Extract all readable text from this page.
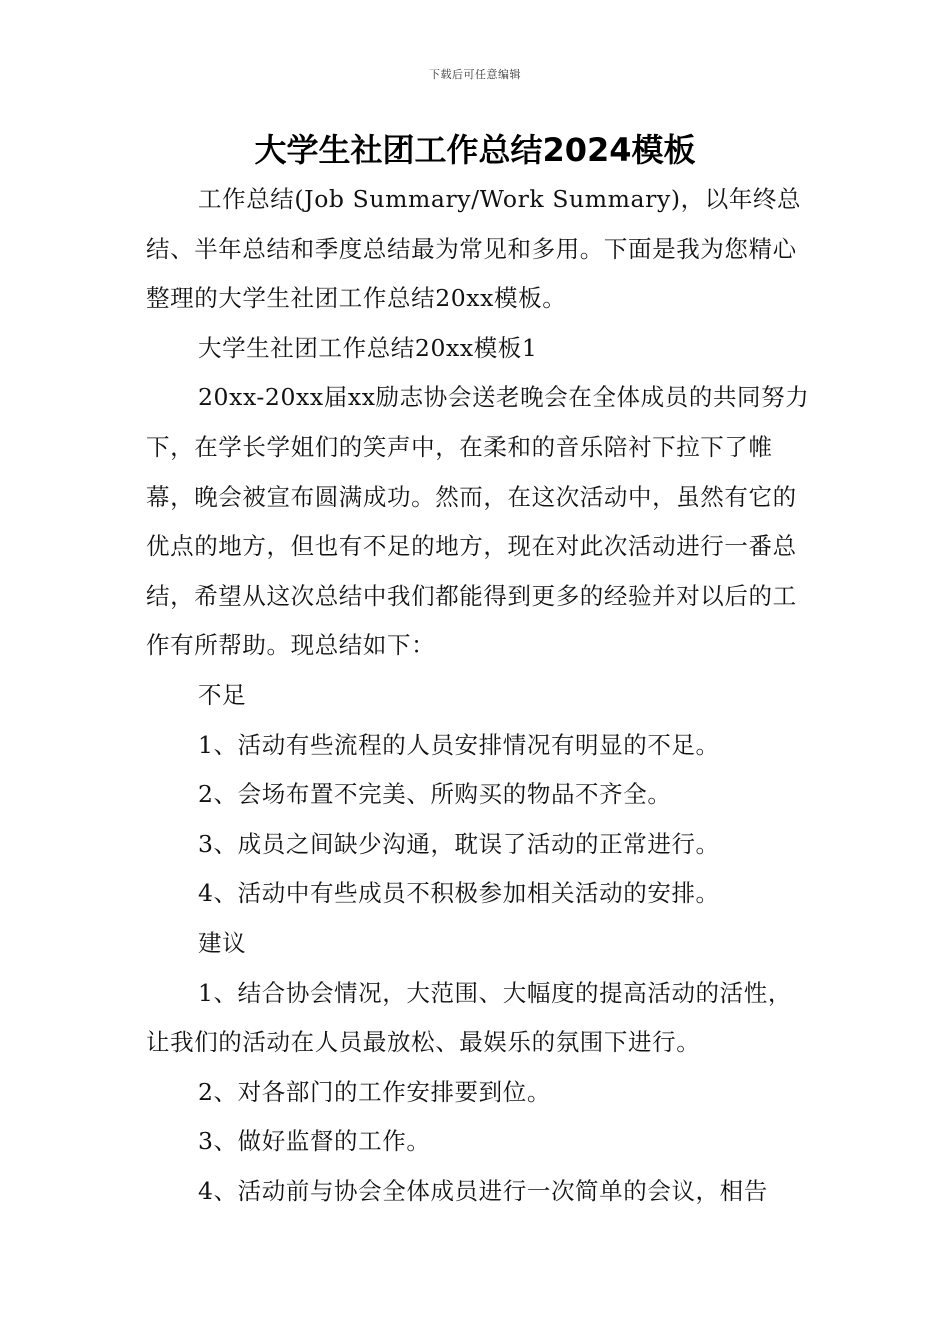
下载后可任意编辑
大学生社团工作总结2024模板

工作总结(Job Summary/Work Summary)，以年终总结、半年总结和季度总结最为常见和多用。下面是我为您精心整理的大学生社团工作总结20xx模板。

大学生社团工作总结20xx模板1

20xx-20xx届xx励志协会送老晚会在全体成员的共同努力下，在学长学姐们的笑声中，在柔和的音乐陪衬下拉下了帷幕，晚会被宣布圆满成功。然而，在这次活动中，虽然有它的优点的地方，但也有不足的地方，现在对此次活动进行一番总结，希望从这次总结中我们都能得到更多的经验并对以后的工作有所帮助。现总结如下：

不足

1、活动有些流程的人员安排情况有明显的不足。

2、会场布置不完美、所购买的物品不齐全。

3、成员之间缺少沟通，耽误了活动的正常进行。

4、活动中有些成员不积极参加相关活动的安排。

建议

1、结合协会情况，大范围、大幅度的提高活动的活性，让我们的活动在人员最放松、最娱乐的氛围下进行。

2、对各部门的工作安排要到位。

3、做好监督的工作。

4、活动前与协会全体成员进行一次简单的会议，相告
